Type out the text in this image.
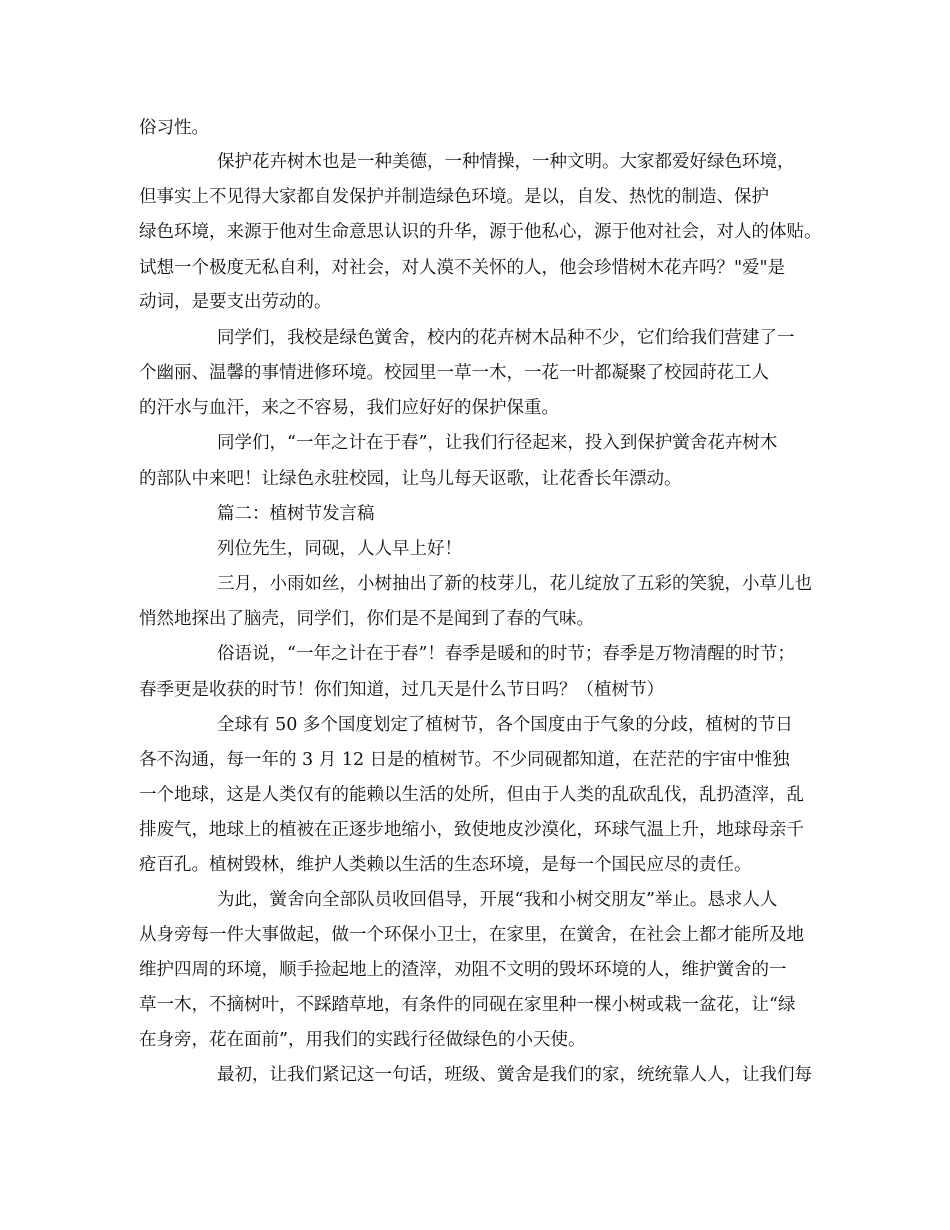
俗习性。
保护花卉树木也是一种美德，一种情操，一种文明。大家都爱好绿色环境，
但事实上不见得大家都自发保护并制造绿色环境。是以，自发、热忱的制造、保护
绿色环境，来源于他对生命意思认识的升华，源于他私心，源于他对社会，对人的体贴。
试想一个极度无私自利，对社会，对人漠不关怀的人，他会珍惜树木花卉吗？"爱"是
动词，是要支出劳动的。
同学们，我校是绿色黉舍，校内的花卉树木品种不少，它们给我们营建了一
个幽丽、温馨的事情进修环境。校园里一草一木，一花一叶都凝聚了校园莳花工人
的汗水与血汗，来之不容易，我们应好好的保护保重。
同学们，“一年之计在于春”，让我们行径起来，投入到保护黉舍花卉树木
的部队中来吧！让绿色永驻校园，让鸟儿每天讴歌，让花香长年漂动。
篇二：植树节发言稿
列位先生，同砚，人人早上好！
三月，小雨如丝，小树抽出了新的枝芽儿，花儿绽放了五彩的笑貌，小草儿也
悄然地探出了脑壳，同学们，你们是不是闻到了春的气味。
俗语说，“一年之计在于春”！春季是暖和的时节；春季是万物清醒的时节；
春季更是收获的时节！你们知道，过几天是什么节日吗？（植树节）
全球有 50 多个国度划定了植树节，各个国度由于气象的分歧，植树的节日
各不沟通，每一年的 3 月 12 日是的植树节。不少同砚都知道，在茫茫的宇宙中惟独
一个地球，这是人类仅有的能赖以生活的处所，但由于人类的乱砍乱伐，乱扔渣滓，乱
排废气，地球上的植被在正逐步地缩小，致使地皮沙漠化，环球气温上升，地球母亲千
疮百孔。植树毁林，维护人类赖以生活的生态环境，是每一个国民应尽的责任。
为此，黉舍向全部队员收回倡导，开展“我和小树交朋友”举止。恳求人人
从身旁每一件大事做起，做一个环保小卫士，在家里，在黉舍，在社会上都才能所及地
维护四周的环境，顺手捡起地上的渣滓，劝阻不文明的毁坏环境的人，维护黉舍的一
草一木，不摘树叶，不踩踏草地，有条件的同砚在家里种一棵小树或栽一盆花，让“绿
在身旁，花在面前”，用我们的实践行径做绿色的小天使。
最初，让我们紧记这一句话，班级、黉舍是我们的家，统统靠人人，让我们每
